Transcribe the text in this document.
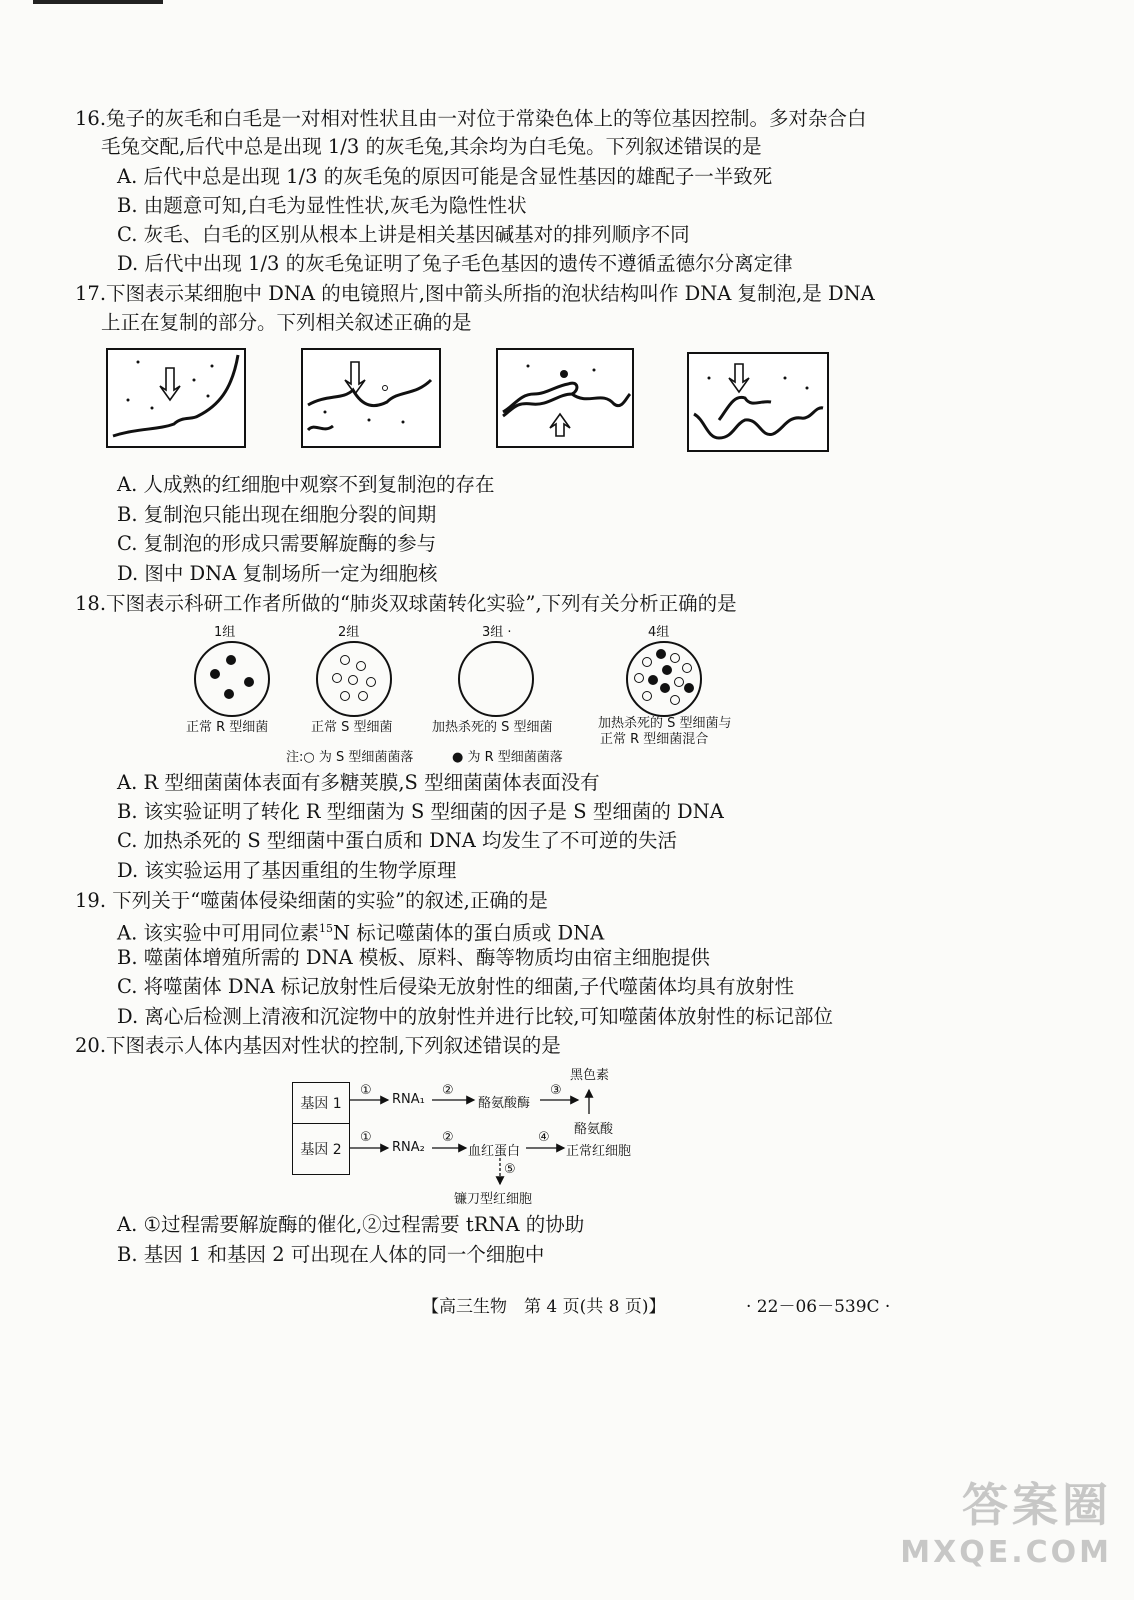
16.兔子的灰毛和白毛是一对相对性状且由一对位于常染色体上的等位基因控制。多对杂合白
毛兔交配,后代中总是出现 1/3 的灰毛兔,其余均为白毛兔。下列叙述错误的是
A. 后代中总是出现 1/3 的灰毛兔的原因可能是含显性基因的雄配子一半致死
B. 由题意可知,白毛为显性性状,灰毛为隐性性状
C. 灰毛、白毛的区别从根本上讲是相关基因碱基对的排列顺序不同
D. 后代中出现 1/3 的灰毛兔证明了兔子毛色基因的遗传不遵循孟德尔分离定律
17.下图表示某细胞中 DNA 的电镜照片,图中箭头所指的泡状结构叫作 DNA 复制泡,是 DNA
上正在复制的部分。下列相关叙述正确的是
A. 人成熟的红细胞中观察不到复制泡的存在
B. 复制泡只能出现在细胞分裂的间期
C. 复制泡的形成只需要解旋酶的参与
D. 图中 DNA 复制场所一定为细胞核
18.下图表示科研工作者所做的“肺炎双球菌转化实验”,下列有关分析正确的是
1组	2组	3组 ·	4组
正常 R 型细菌	正常 S 型细菌	加热杀死的 S 型细菌	加热杀死的 S 型细菌与
正常 R 型细菌混合
注:○ 为 S 型细菌菌落	● 为 R 型细菌菌落
A. R 型细菌菌体表面有多糖荚膜,S 型细菌菌体表面没有
B. 该实验证明了转化 R 型细菌为 S 型细菌的因子是 S 型细菌的 DNA
C. 加热杀死的 S 型细菌中蛋白质和 DNA 均发生了不可逆的失活
D. 该实验运用了基因重组的生物学原理
19. 下列关于“噬菌体侵染细菌的实验”的叙述,正确的是
A. 该实验中可用同位素$^{15}$N 标记噬菌体的蛋白质或 DNA
B. 噬菌体增殖所需的 DNA 模板、原料、酶等物质均由宿主细胞提供
C. 将噬菌体 DNA 标记放射性后侵染无放射性的细菌,子代噬菌体均具有放射性
D. 离心后检测上清液和沉淀物中的放射性并进行比较,可知噬菌体放射性的标记部位
20.下图表示人体内基因对性状的控制,下列叙述错误的是
基因 1
基因 2
①
RNA₁
②
酪氨酸酶
③
黑色素
酪氨酸
①
RNA₂
②
血红蛋白
④
正常红细胞
⑤
镰刀型红细胞
A. ①过程需要解旋酶的催化,②过程需要 tRNA 的协助
B. 基因 1 和基因 2 可出现在人体的同一个细胞中
【高三生物　第 4 页(共 8 页)】	· 22－06－539C ·
答案圈
MXQE.COM
